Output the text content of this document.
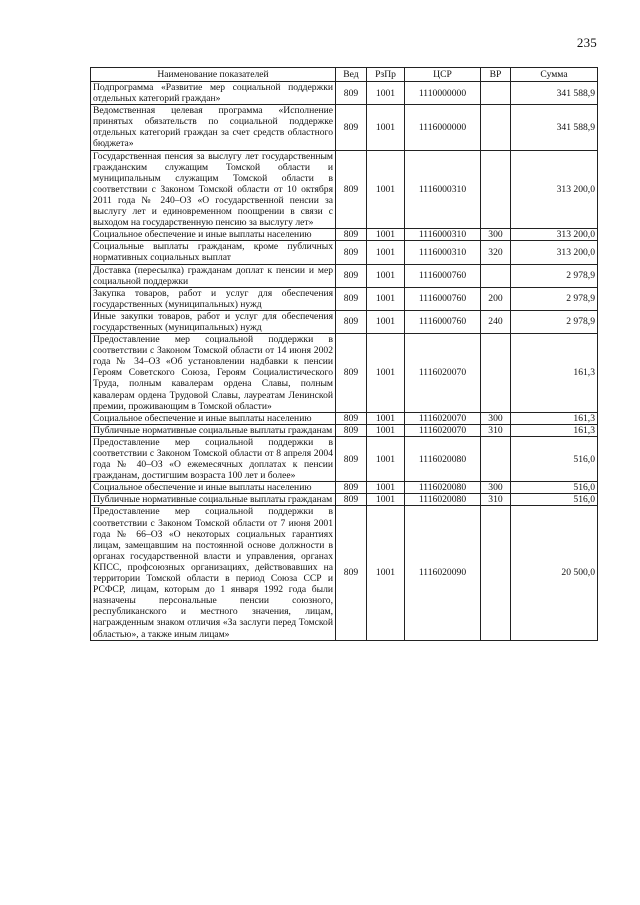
235
Наименование показателей	Вед	РзПр	ЦСР	ВР	Сумма
Подпрограмма «Развитие мер социальной поддержки отдельных категорий граждан»	809	1001	1110000000		341 588,9
Ведомственная целевая программа «Исполнение принятых обязательств по социальной поддержке отдельных категорий граждан за счет средств областного бюджета»	809	1001	1116000000		341 588,9
Государственная пенсия за выслугу лет государственным гражданским служащим Томской области и муниципальным служащим Томской области в соответствии с Законом Томской области от 10 октября 2011 года № 240–ОЗ «О государственной пенсии за выслугу лет и единовременном поощрении в связи с выходом на государственную пенсию за выслугу лет»	809	1001	1116000310		313 200,0
Социальное обеспечение и иные выплаты населению	809	1001	1116000310	300	313 200,0
Социальные выплаты гражданам, кроме публичных нормативных социальных выплат	809	1001	1116000310	320	313 200,0
Доставка (пересылка) гражданам доплат к пенсии и мер социальной поддержки	809	1001	1116000760		2 978,9
Закупка товаров, работ и услуг для обеспечения государственных (муниципальных) нужд	809	1001	1116000760	200	2 978,9
Иные закупки товаров, работ и услуг для обеспечения государственных (муниципальных) нужд	809	1001	1116000760	240	2 978,9
Предоставление мер социальной поддержки в соответствии с Законом Томской области от 14 июня 2002 года № 34–ОЗ «Об установлении надбавки к пенсии Героям Советского Союза, Героям Социалистического Труда, полным кавалерам ордена Славы, полным кавалерам ордена Трудовой Славы, лауреатам Ленинской премии, проживающим в Томской области»	809	1001	1116020070		161,3
Социальное обеспечение и иные выплаты населению	809	1001	1116020070	300	161,3
Публичные нормативные социальные выплаты гражданам	809	1001	1116020070	310	161,3
Предоставление мер социальной поддержки в соответствии с Законом Томской области от 8 апреля 2004 года № 40–ОЗ «О ежемесячных доплатах к пенсии гражданам, достигшим возраста 100 лет и более»	809	1001	1116020080		516,0
Социальное обеспечение и иные выплаты населению	809	1001	1116020080	300	516,0
Публичные нормативные социальные выплаты гражданам	809	1001	1116020080	310	516,0
Предоставление мер социальной поддержки в соответствии с Законом Томской области от 7 июня 2001 года № 66–ОЗ «О некоторых социальных гарантиях лицам, замещавшим на постоянной основе должности в органах государственной власти и управления, органах КПСС, профсоюзных организациях, действовавших на территории Томской области в период Союза ССР и РСФСР, лицам, которым до 1 января 1992 года были назначены персональные пенсии союзного, республиканского и местного значения, лицам, награжденным знаком отличия «За заслуги перед Томской областью», а также иным лицам»	809	1001	1116020090		20 500,0
